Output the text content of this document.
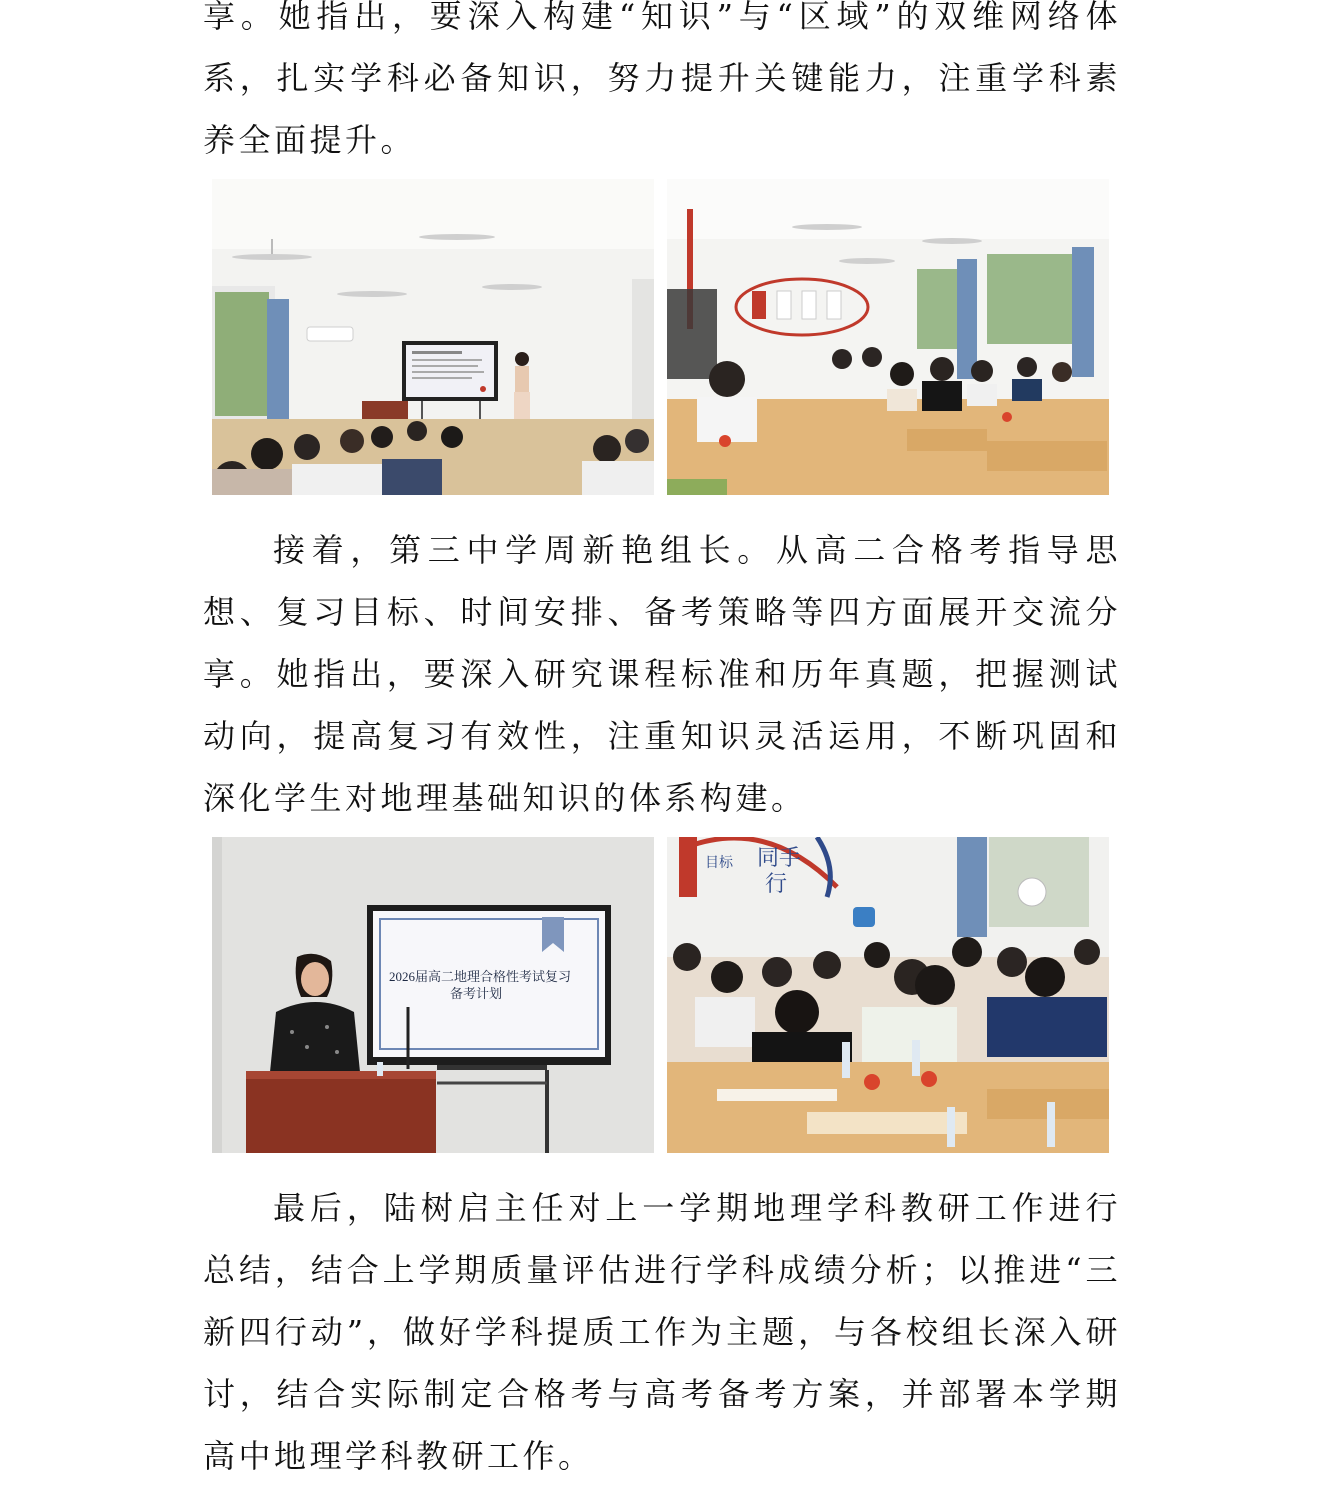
享。她指出，要深入构建“知识”与“区域”的双维网络体系，扎实学科必备知识，努力提升关键能力，注重学科素养全面提升。

接着，第三中学周新艳组长。从高二合格考指导思想、复习目标、时间安排、备考策略等四方面展开交流分享。她指出，要深入研究课程标准和历年真题，把握测试动向，提高复习有效性，注重知识灵活运用，不断巩固和深化学生对地理基础知识的体系构建。

2026届高二地理合格性考试复习
备考计划
同手
行
目标

最后，陆树启主任对上一学期地理学科教研工作进行总结，结合上学期质量评估进行学科成绩分析；以推进“三新四行动”，做好学科提质工作为主题，与各校组长深入研讨，结合实际制定合格考与高考备考方案，并部署本学期高中地理学科教研工作。
